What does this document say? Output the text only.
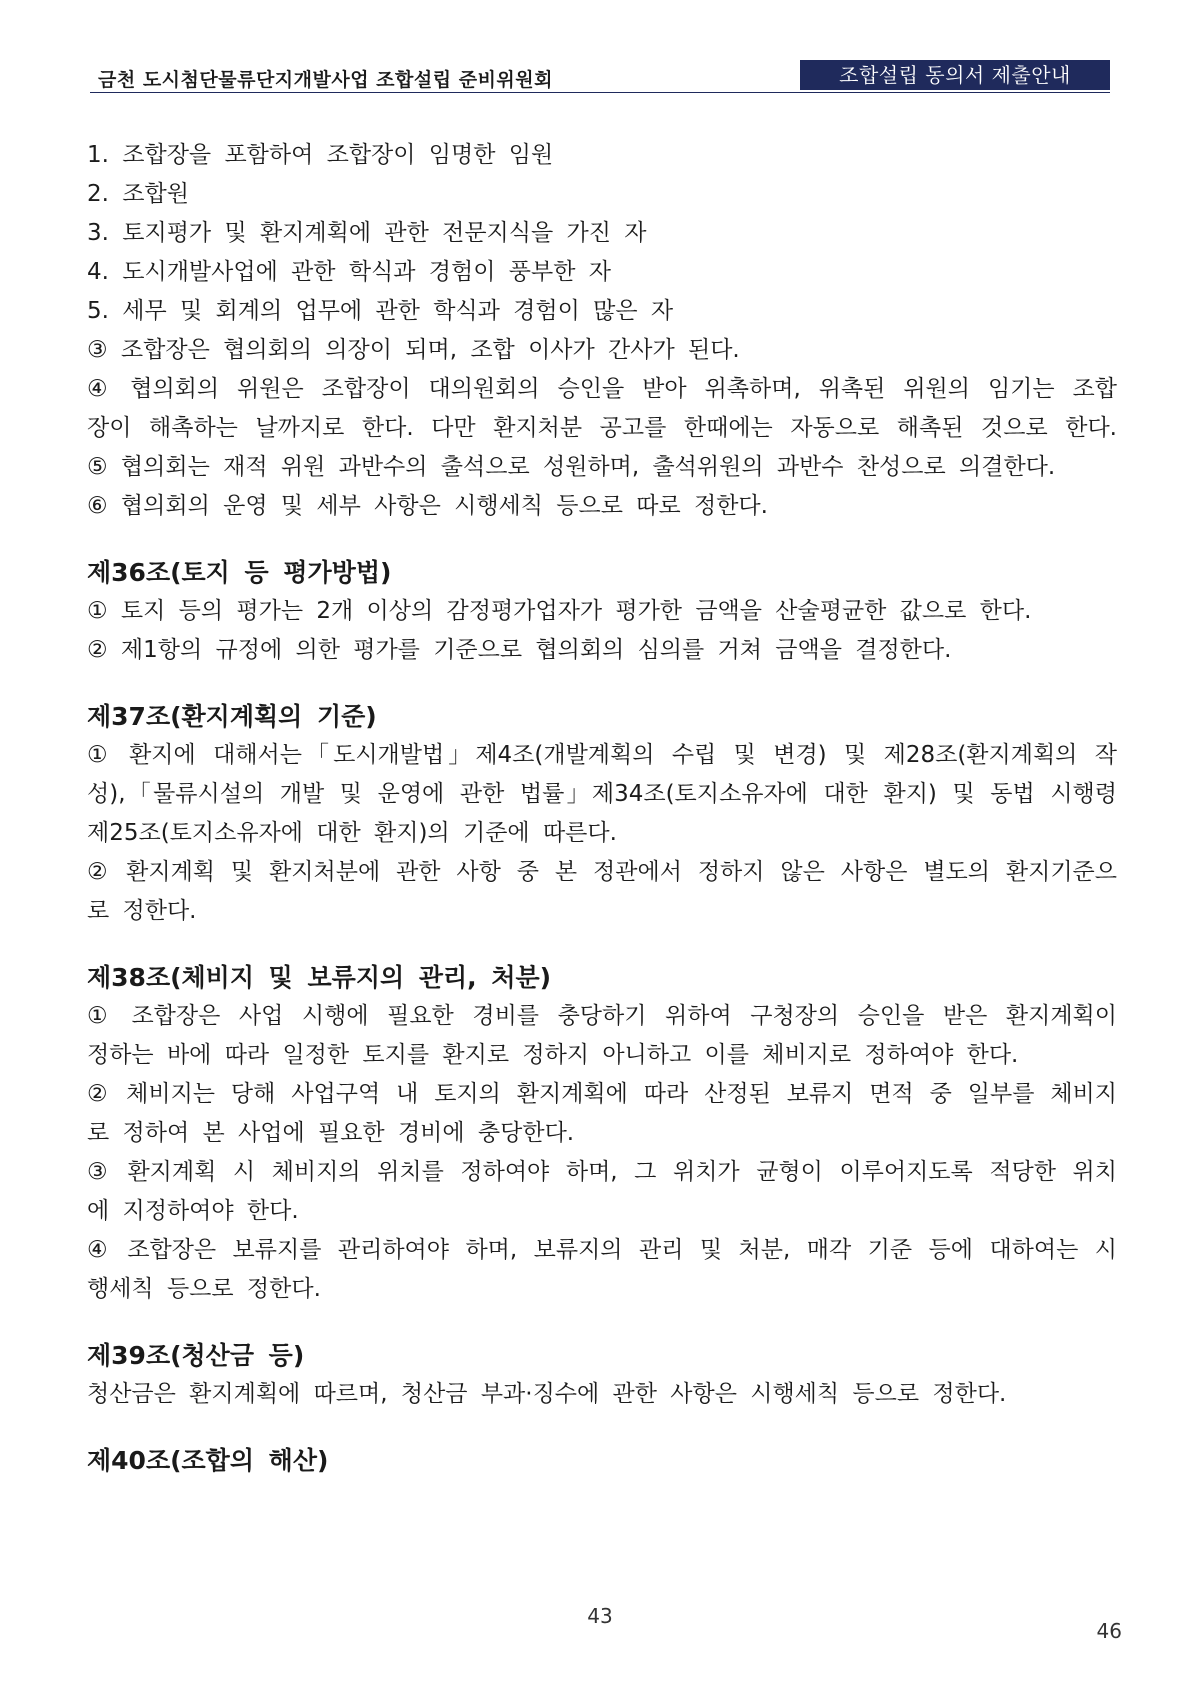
금천 도시첨단물류단지개발사업 조합설립 준비위원회	조합설립 동의서 제출안내
1. 조합장을 포함하여 조합장이 임명한 임원
2. 조합원
3. 토지평가 및 환지계획에 관한 전문지식을 가진 자
4. 도시개발사업에 관한 학식과 경험이 풍부한 자
5. 세무 및 회계의 업무에 관한 학식과 경험이 많은 자
③ 조합장은 협의회의 의장이 되며, 조합 이사가 간사가 된다.
④ 협의회의 위원은 조합장이 대의원회의 승인을 받아 위촉하며, 위촉된 위원의 임기는 조합
장이 해촉하는 날까지로 한다. 다만 환지처분 공고를 한때에는 자동으로 해촉된 것으로 한다.
⑤ 협의회는 재적 위원 과반수의 출석으로 성원하며, 출석위원의 과반수 찬성으로 의결한다.
⑥ 협의회의 운영 및 세부 사항은 시행세칙 등으로 따로 정한다.
제36조(토지 등 평가방법)
① 토지 등의 평가는 2개 이상의 감정평가업자가 평가한 금액을 산술평균한 값으로 한다.
② 제1항의 규정에 의한 평가를 기준으로 협의회의 심의를 거쳐 금액을 결정한다.
제37조(환지계획의 기준)
① 환지에 대해서는「도시개발법」제4조(개발계획의 수립 및 변경) 및 제28조(환지계획의 작
성),「물류시설의 개발 및 운영에 관한 법률」제34조(토지소유자에 대한 환지) 및 동법 시행령
제25조(토지소유자에 대한 환지)의 기준에 따른다.
② 환지계획 및 환지처분에 관한 사항 중 본 정관에서 정하지 않은 사항은 별도의 환지기준으
로 정한다.
제38조(체비지 및 보류지의 관리, 처분)
① 조합장은 사업 시행에 필요한 경비를 충당하기 위하여 구청장의 승인을 받은 환지계획이
정하는 바에 따라 일정한 토지를 환지로 정하지 아니하고 이를 체비지로 정하여야 한다.
② 체비지는 당해 사업구역 내 토지의 환지계획에 따라 산정된 보류지 면적 중 일부를 체비지
로 정하여 본 사업에 필요한 경비에 충당한다.
③ 환지계획 시 체비지의 위치를 정하여야 하며, 그 위치가 균형이 이루어지도록 적당한 위치
에 지정하여야 한다.
④ 조합장은 보류지를 관리하여야 하며, 보류지의 관리 및 처분, 매각 기준 등에 대하여는 시
행세칙 등으로 정한다.
제39조(청산금 등)
청산금은 환지계획에 따르며, 청산금 부과·징수에 관한 사항은 시행세칙 등으로 정한다.
제40조(조합의 해산)
43
46
